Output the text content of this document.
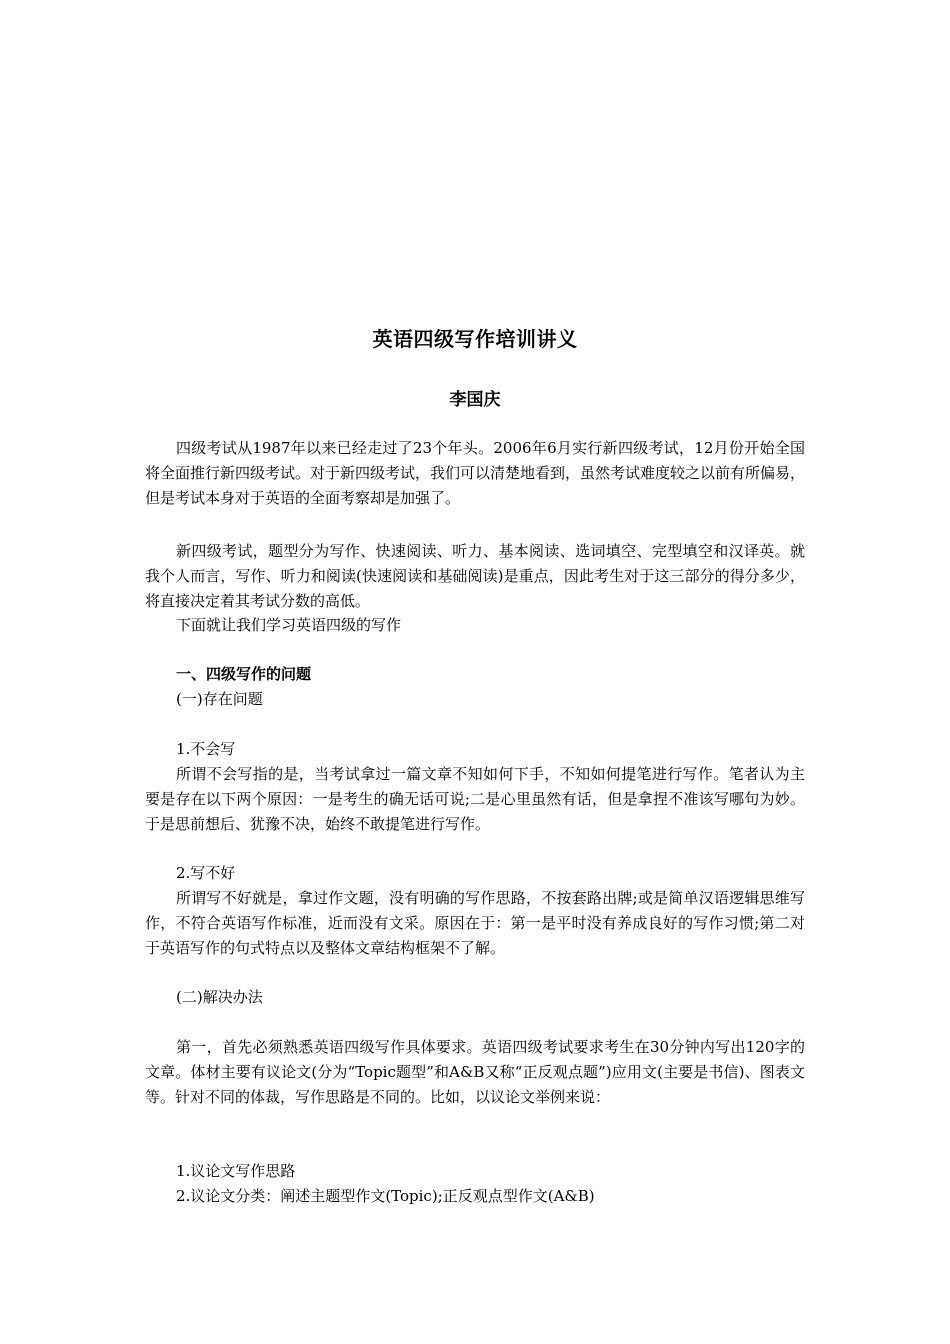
英语四级写作培训讲义
李国庆
四级考试从1987年以来已经走过了23个年头。2006年6月实行新四级考试，12月份开始全国将全面推行新四级考试。对于新四级考试，我们可以清楚地看到，虽然考试难度较之以前有所偏易，但是考试本身对于英语的全面考察却是加强了。
新四级考试，题型分为写作、快速阅读、听力、基本阅读、选词填空、完型填空和汉译英。就我个人而言，写作、听力和阅读(快速阅读和基础阅读)是重点，因此考生对于这三部分的得分多少，将直接决定着其考试分数的高低。
下面就让我们学习英语四级的写作
一、四级写作的问题
(一)存在问题
1.不会写
所谓不会写指的是，当考试拿过一篇文章不知如何下手，不知如何提笔进行写作。笔者认为主要是存在以下两个原因：一是考生的确无话可说;二是心里虽然有话，但是拿捏不准该写哪句为妙。于是思前想后、犹豫不决，始终不敢提笔进行写作。
2.写不好
所谓写不好就是，拿过作文题，没有明确的写作思路，不按套路出牌;或是简单汉语逻辑思维写作，不符合英语写作标准，近而没有文采。原因在于：第一是平时没有养成良好的写作习惯;第二对于英语写作的句式特点以及整体文章结构框架不了解。
(二)解决办法
第一，首先必须熟悉英语四级写作具体要求。英语四级考试要求考生在30分钟内写出120字的文章。体材主要有议论文(分为“Topic题型”和A&B又称“正反观点题”)应用文(主要是书信)、图表文等。针对不同的体裁，写作思路是不同的。比如，以议论文举例来说：
1.议论文写作思路
2.议论文分类：阐述主题型作文(Topic);正反观点型作文(A&B)
